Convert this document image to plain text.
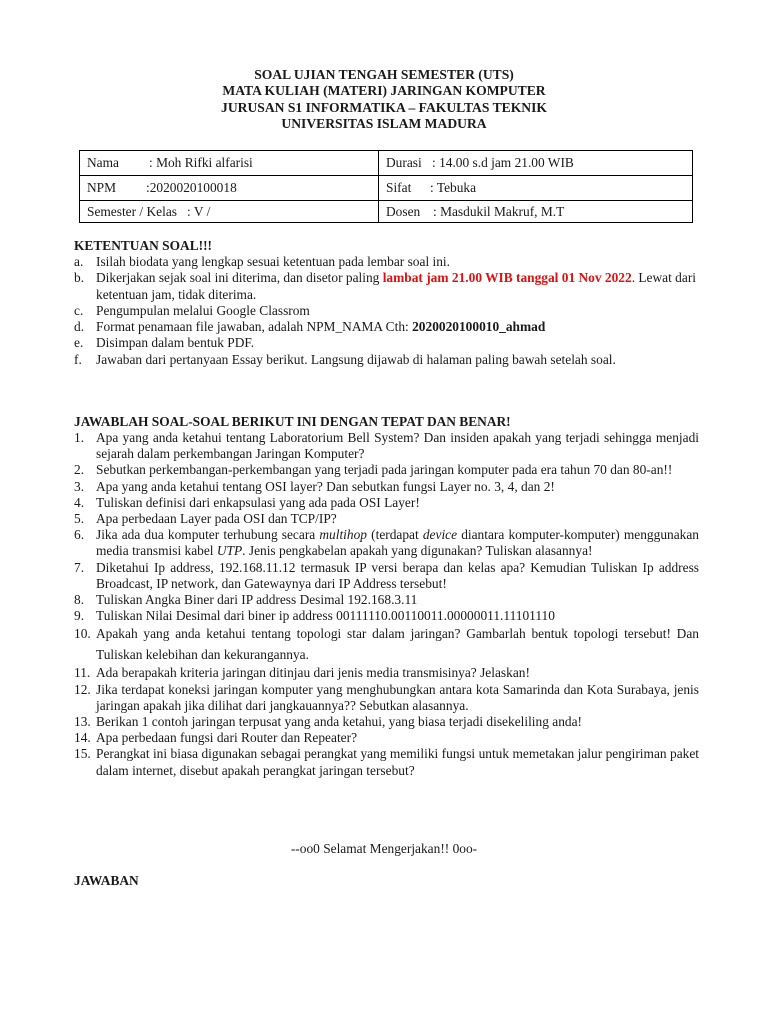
SOAL UJIAN TENGAH SEMESTER (UTS)
MATA KULIAH (MATERI) JARINGAN KOMPUTER
JURUSAN S1 INFORMATIKA – FAKULTAS TEKNIK
UNIVERSITAS ISLAM MADURA
Nama : Moh Rifki alfarisi	Durasi : 14.00 s.d jam 21.00 WIB
NPM :2020020100018	Sifat : Tebuka
Semester / Kelas : V /	Dosen : Masdukil Makruf, M.T
KETENTUAN SOAL!!!
a. Isilah biodata yang lengkap sesuai ketentuan pada lembar soal ini.
b. Dikerjakan sejak soal ini diterima, dan disetor paling lambat jam 21.00 WIB tanggal 01 Nov 2022. Lewat dari ketentuan jam, tidak diterima.
c. Pengumpulan melalui Google Classrom
d. Format penamaan file jawaban, adalah NPM_NAMA Cth: 2020020100010_ahmad
e. Disimpan dalam bentuk PDF.
f. Jawaban dari pertanyaan Essay berikut. Langsung dijawab di halaman paling bawah setelah soal.
JAWABLAH SOAL-SOAL BERIKUT INI DENGAN TEPAT DAN BENAR!
1. Apa yang anda ketahui tentang Laboratorium Bell System? Dan insiden apakah yang terjadi sehingga menjadi sejarah dalam perkembangan Jaringan Komputer?
2. Sebutkan perkembangan-perkembangan yang terjadi pada jaringan komputer pada era tahun 70 dan 80-an!!
3. Apa yang anda ketahui tentang OSI layer? Dan sebutkan fungsi Layer no. 3, 4, dan 2!
4. Tuliskan definisi dari enkapsulasi yang ada pada OSI Layer!
5. Apa perbedaan Layer pada OSI dan TCP/IP?
6. Jika ada dua komputer terhubung secara multihop (terdapat device diantara komputer-komputer) menggunakan media transmisi kabel UTP. Jenis pengkabelan apakah yang digunakan? Tuliskan alasannya!
7. Diketahui Ip address, 192.168.11.12 termasuk IP versi berapa dan kelas apa? Kemudian Tuliskan Ip address Broadcast, IP network, dan Gatewaynya dari IP Address tersebut!
8. Tuliskan Angka Biner dari IP address Desimal 192.168.3.11
9. Tuliskan Nilai Desimal dari biner ip address 00111110.00110011.00000011.11101110
10. Apakah yang anda ketahui tentang topologi star dalam jaringan? Gambarlah bentuk topologi tersebut! Dan Tuliskan kelebihan dan kekurangannya.
11. Ada berapakah kriteria jaringan ditinjau dari jenis media transmisinya? Jelaskan!
12. Jika terdapat koneksi jaringan komputer yang menghubungkan antara kota Samarinda dan Kota Surabaya, jenis jaringan apakah jika dilihat dari jangkauannya?? Sebutkan alasannya.
13. Berikan 1 contoh jaringan terpusat yang anda ketahui, yang biasa terjadi disekeliling anda!
14. Apa perbedaan fungsi dari Router dan Repeater?
15. Perangkat ini biasa digunakan sebagai perangkat yang memiliki fungsi untuk memetakan jalur pengiriman paket dalam internet, disebut apakah perangkat jaringan tersebut?
--oo0 Selamat Mengerjakan!! 0oo-
JAWABAN
